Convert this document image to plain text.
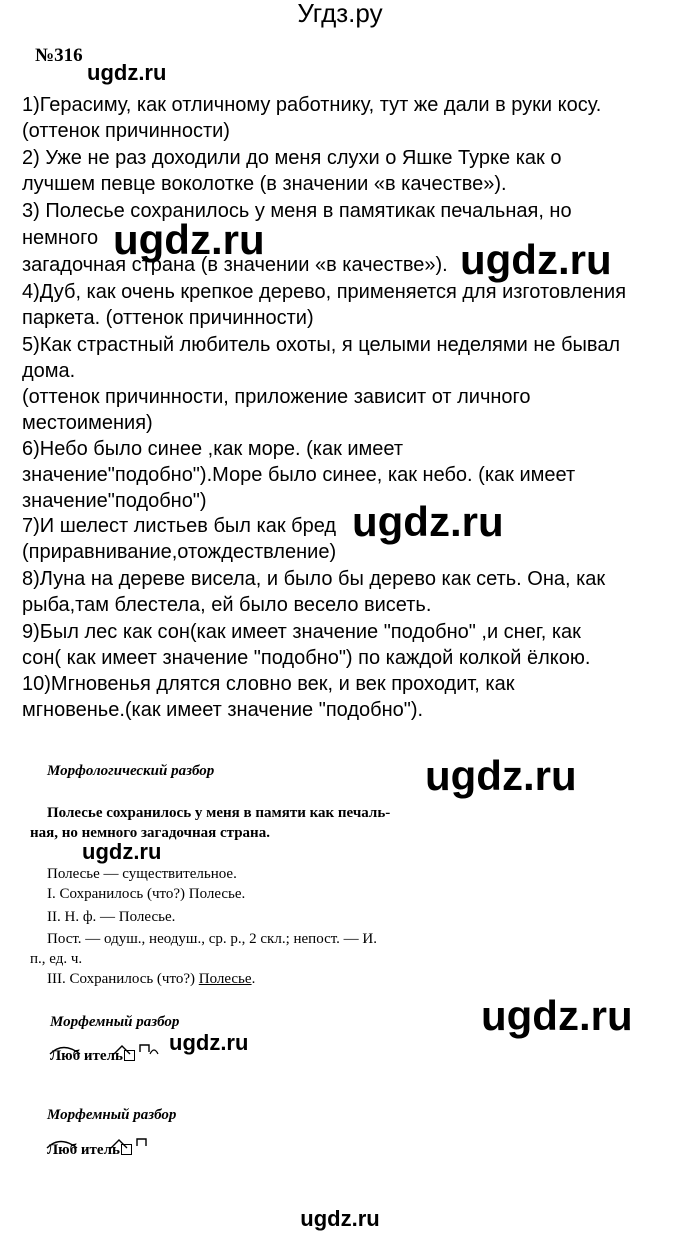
Угдз.ру
№316
ugdz.ru
ugdz.ru	ugdz.ru
ugdz.ru
ugdz.ru
ugdz.ru
ugdz.ru
ugdz.ru
ugdz.ru
1)Герасиму, как отличному работнику, тут же дали в руки косу.
(оттенок причинности)
2) Уже не раз доходили до меня слухи о Яшке Турке как о
лучшем певце воколотке (в значении «в качестве»).
3) Полесье сохранилось у меня в памятикак печальная, но
немного
загадочная страна (в значении «в качестве»).
4)Дуб, как очень крепкое дерево, применяется для изготовления
паркета. (оттенок причинности)
5)Как страстный любитель охоты, я целыми неделями не бывал
дома.
(оттенок причинности, приложение зависит от личного
местоимения)
6)Небо было синее ,как море. (как имеет
значение"подобно").Море было синее, как небо. (как имеет
значение"подобно")
7)И шелест листьев был как бред
(приравнивание,отождествление)
8)Луна на дереве висела, и было бы дерево как сеть. Она, как
рыба,там блестела, ей было весело висеть.
9)Был лес как сон(как имеет значение "подобно" ,и снег, как
сон( как имеет значение "подобно") по каждой колкой ёлкою.
10)Мгновенья длятся словно век, и век проходит, как
мгновенье.(как имеет значение "подобно").
Морфологический разбор
Полесье сохранилось у меня в памяти как печаль-
ная, но немного загадочная страна.
Полесье — существительное.
I. Сохранилось (что?) Полесье.
II. Н. ф. — Полесье.
Пост. — одуш., неодуш., ср. р., 2 скл.; непост. — И.
п., ед. ч.
III. Сохранилось (что?) Полесье.
Морфемный разбор
Люб итель
Морфемный разбор
Люб итель
